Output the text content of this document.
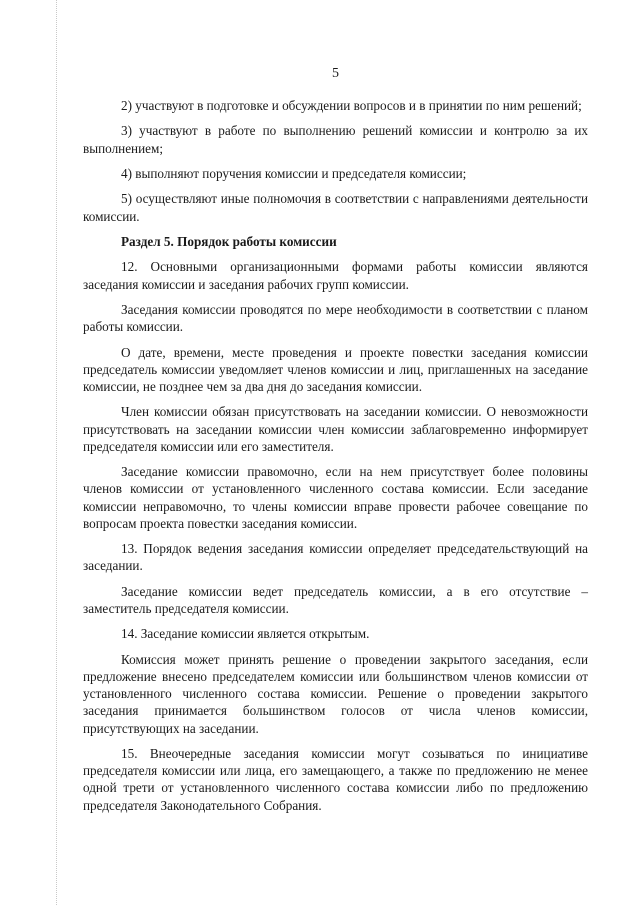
5

2) участвуют в подготовке и обсуждении вопросов и в принятии по ним решений;

3) участвуют в работе по выполнению решений комиссии и контролю за их выполнением;

4) выполняют поручения комиссии и председателя комиссии;

5) осуществляют иные полномочия в соответствии с направлениями деятельности комиссии.

Раздел 5. Порядок работы комиссии

12. Основными организационными формами работы комиссии являются заседания комиссии и заседания рабочих групп комиссии.

Заседания комиссии проводятся по мере необходимости в соответствии с планом работы комиссии.

О дате, времени, месте проведения и проекте повестки заседания комиссии председатель комиссии уведомляет членов комиссии и лиц, приглашенных на заседание комиссии, не позднее чем за два дня до заседания комиссии.

Член комиссии обязан присутствовать на заседании комиссии. О невозможности присутствовать на заседании комиссии член комиссии заблаговременно информирует председателя комиссии или его заместителя.

Заседание комиссии правомочно, если на нем присутствует более половины членов комиссии от установленного численного состава комиссии. Если заседание комиссии неправомочно, то члены комиссии вправе провести рабочее совещание по вопросам проекта повестки заседания комиссии.

13. Порядок ведения заседания комиссии определяет председательствующий на заседании.

Заседание комиссии ведет председатель комиссии, а в его отсутствие – заместитель председателя комиссии.

14. Заседание комиссии является открытым.

Комиссия может принять решение о проведении закрытого заседания, если предложение внесено председателем комиссии или большинством членов комиссии от установленного численного состава комиссии. Решение о проведении закрытого заседания принимается большинством голосов от числа членов комиссии, присутствующих на заседании.

15. Внеочередные заседания комиссии могут созываться по инициативе председателя комиссии или лица, его замещающего, а также по предложению не менее одной трети от установленного численного состава комиссии либо по предложению председателя Законодательного Собрания.
